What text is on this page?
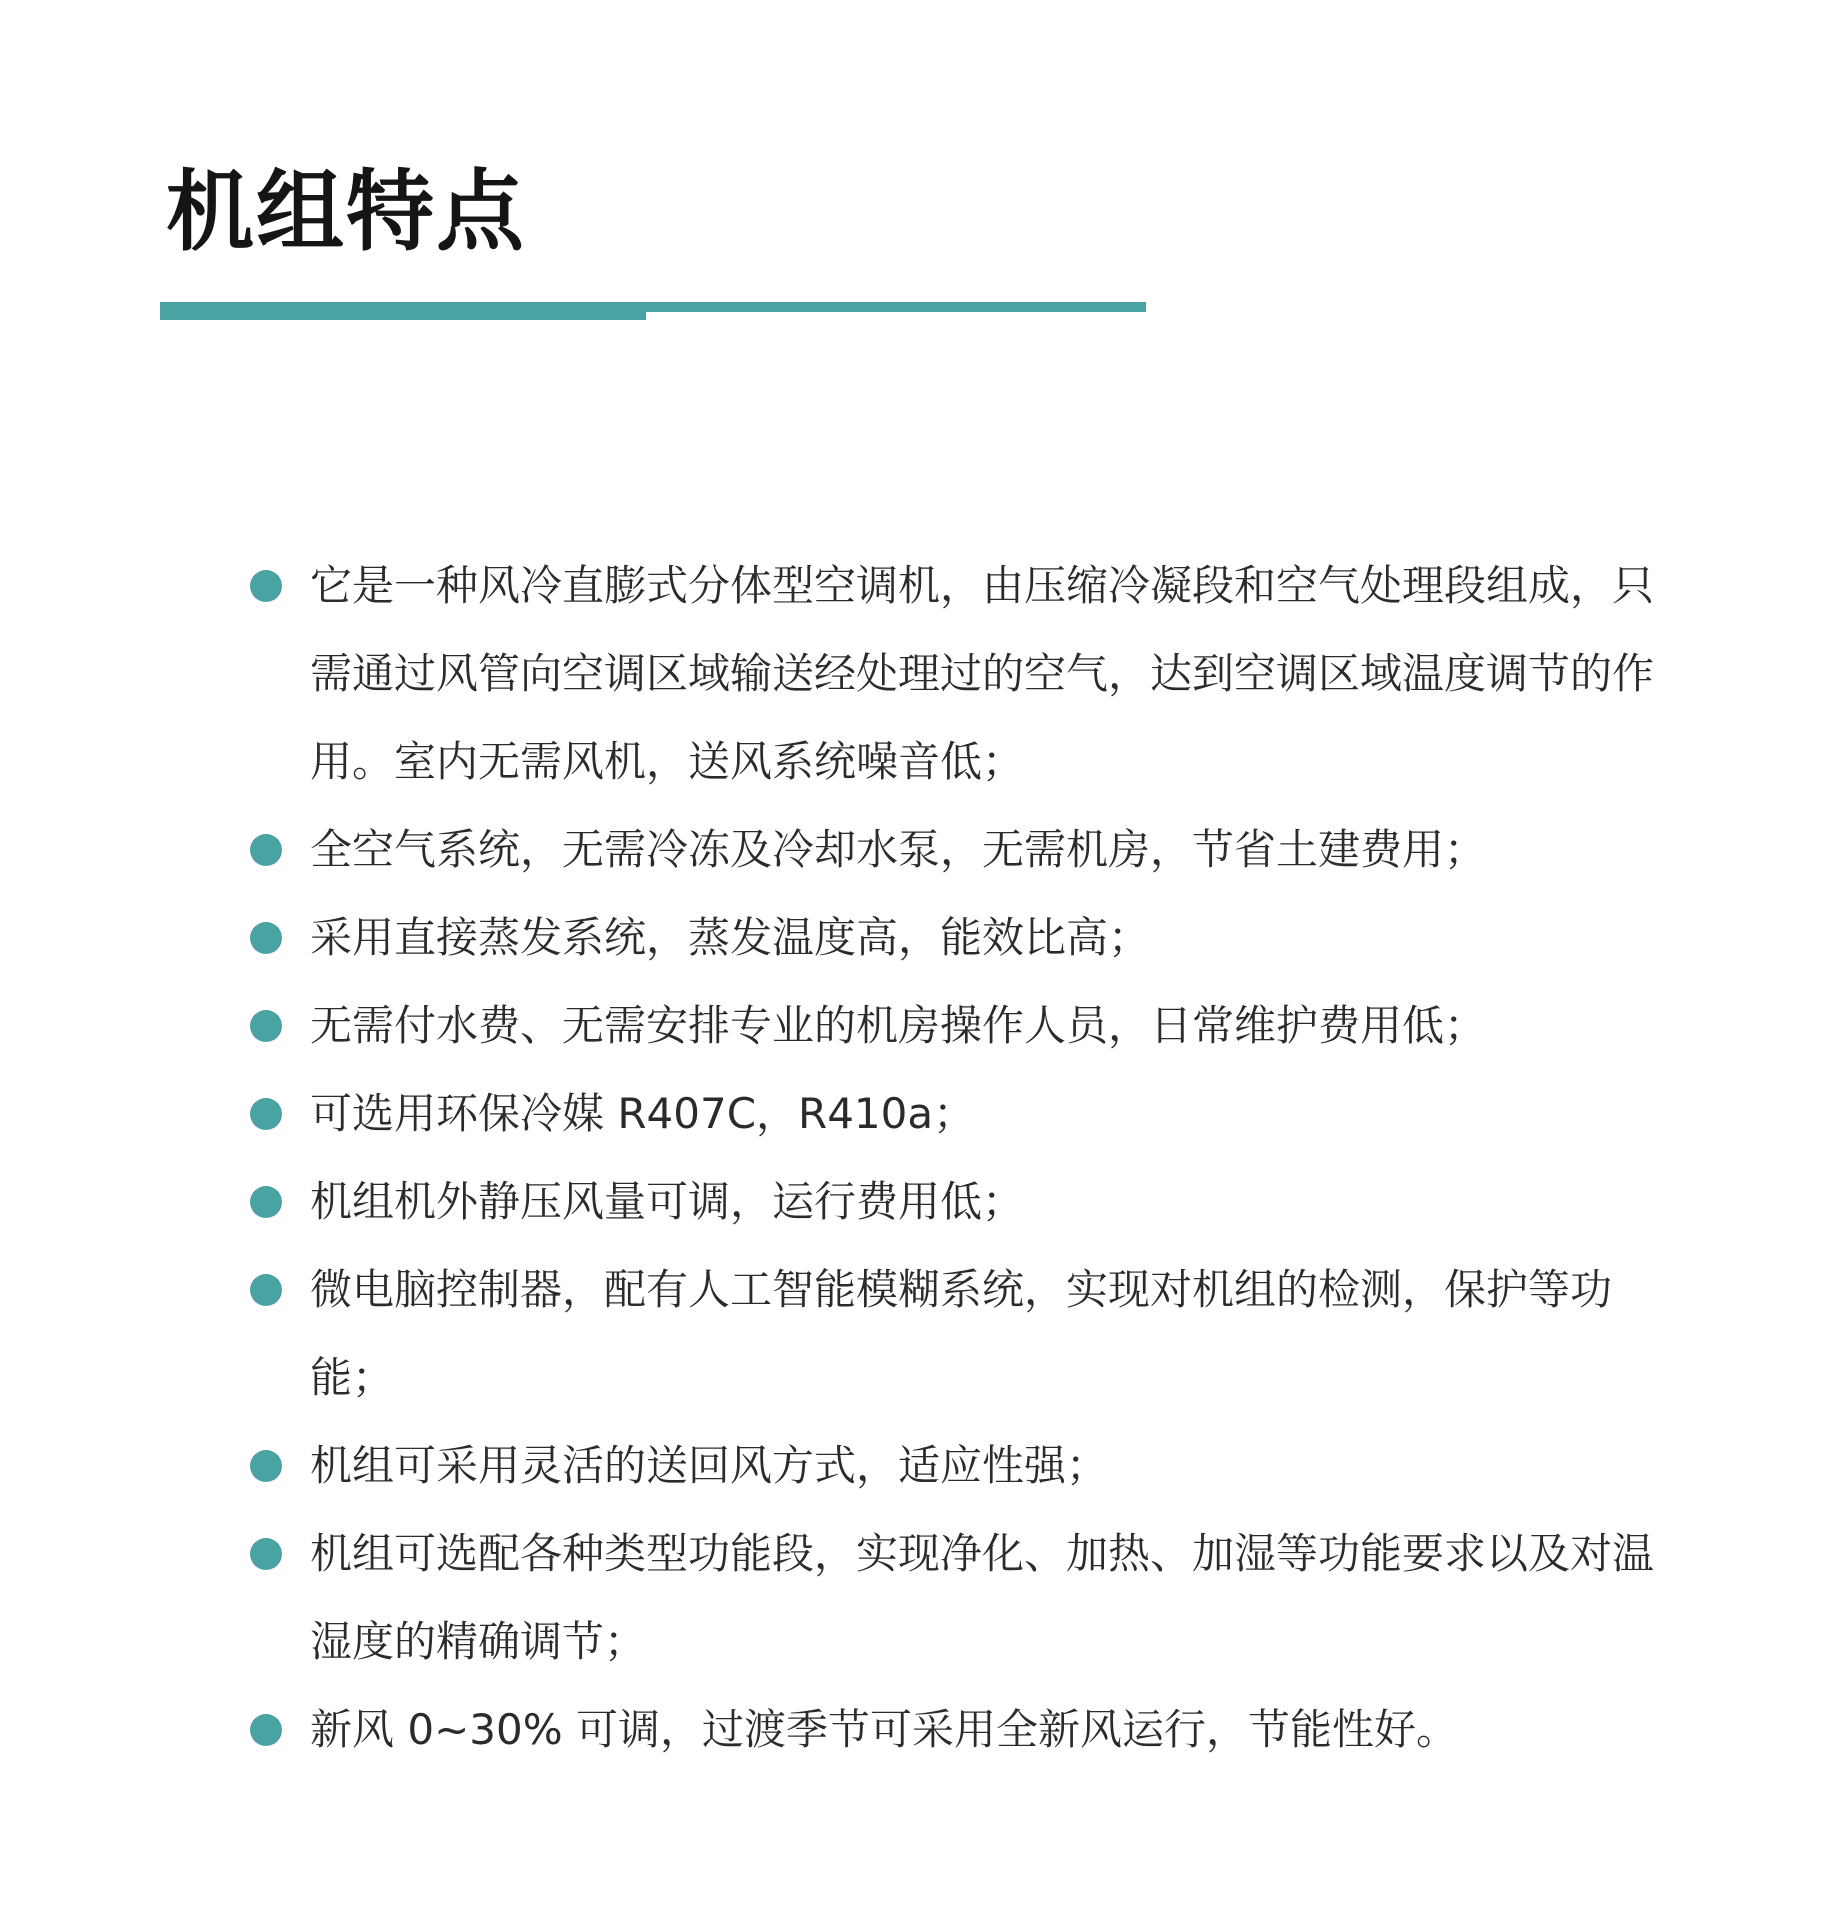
机组特点
它是一种风冷直膨式分体型空调机，由压缩冷凝段和空气处理段组成，只需通过风管向空调区域输送经处理过的空气，达到空调区域温度调节的作用。室内无需风机，送风系统噪音低；
全空气系统，无需冷冻及冷却水泵，无需机房，节省土建费用；
采用直接蒸发系统，蒸发温度高，能效比高；
无需付水费、无需安排专业的机房操作人员，日常维护费用低；
可选用环保冷媒 R407C，R410a；
机组机外静压风量可调，运行费用低；
微电脑控制器，配有人工智能模糊系统，实现对机组的检测，保护等功能；
机组可采用灵活的送回风方式，适应性强；
机组可选配各种类型功能段，实现净化、加热、加湿等功能要求以及对温湿度的精确调节；
新风 0~30% 可调，过渡季节可采用全新风运行，节能性好。
